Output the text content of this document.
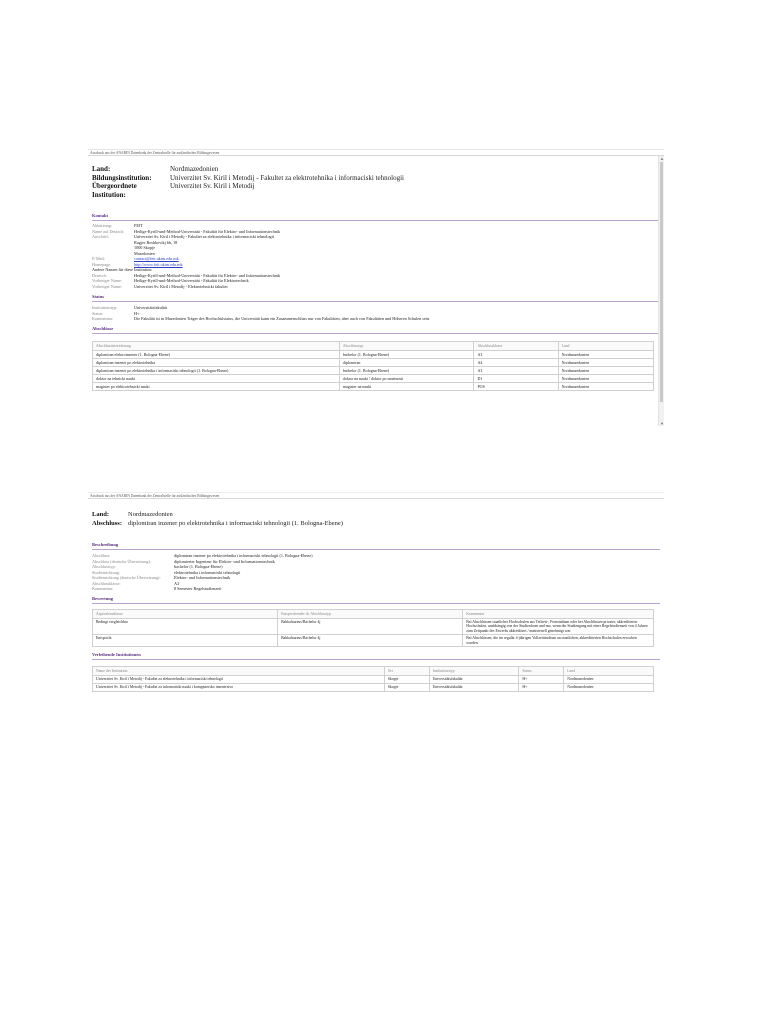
Ausdruck aus der ANABIN Datenbank der Zentralstelle für ausländisches Bildungswesen
▲
▼
Land:	Nordmazedonien
Bildungsinstitution:	Univerzitet Sv. Kiril i Metodij - Fakultet za elektrotehnika i informaciski tehnologii
Übergeordnete Institution:
Univerzitet Sv. Kiril i Metodij
Kontakt
Abkürzung:	FEIT
Name auf Deutsch:	Heilige-Kyrill-und-Method-Universität - Fakultät für Elektro- und Informationstechnik
Anschrift:	Univerzitet Sv. Kiril i Metodij - Fakultet za elektrotehnika i informaciski tehnologii
Rugjer Boshkovikj bb, 18
1000 Skopje
Mazedonien
E-Mail:	contact@feit.ukim.edu.mk
Homepage:	http://www.feit.ukim.edu.mk
Andere Namen für diese Institution:
Deutsch:	Heilige-Kyrill-und-Method-Universität - Fakultät für Elektro- und Informationstechnik
Vorheriger Name:	Heilige-Kyrill-und-Method-Universität - Fakultät für Elektrotechnik
Vorheriger Name:	Univerzitet Sv. Kiril i Metodij - Elektrotehnicki fakultet
Status
Institutionstyp:	Universitätsfakultät
Status:	H+
Kommentar:	Die Fakultät ist in Mazedonien Träger des Hochschulstatus, die Universität kann ein Zusammenschluss nur von Fakultäten, aber auch von Fakultäten und Höheren Schulen sein.
Abschlüsse
Abschlussbezeichnung	Abschlusstyp	Abschlussklasse	Land
diplomiran elektroinzener (1. Bologna-Ebene)	bachelor (1. Bologna-Ebene)	A3	Nordmazedonien
diplomiran inzener po elektrotehnika	diplomiran	A4	Nordmazedonien
diplomiran inzener po elektrotehnika i informaciski tehnologii (1. Bologna-Ebene)	bachelor (1. Bologna-Ebene)	A3	Nordmazedonien
doktor na tehnicki nauki	doktor na nauki / doktor po umetnosti	D1	Nordmazedonien
magister po elektrotehnicki nauki	magister na nauki	POS	Nordmazedonien
Ausdruck aus der ANABIN Datenbank der Zentralstelle für ausländisches Bildungswesen
Land:	Nordmazedonien
Abschluss: diplomiran inzener po elektrotehnika i informaciski tehnologii (1. Bologna-Ebene)
Beschreibung
Abschluss:	diplomiran inzener po elektrotehnika i informaciski tehnologii (1. Bologna-Ebene)
Abschluss (deutsche Übersetzung):	diplomierter Ingenieur für Elektro- und Informationstechnik
Abschlusstyp:	bachelor (1. Bologna-Ebene)
Studienrichtung:	elektrotehnika i informaciski tehnologii
Studienrichtung (deutsche Übersetzung):	Elektro- und Informationstechnik
Abschlussklasse:	A3
Kommentar:	8 Semester Regelstudienzeit
Bewertung
Äquivalenzklasse	Entsprechender dt. Abschlusstyp	Kommentar
Bedingt vergleichbar	Bakkalaureus/Bachelor 4j	Bei Abschlüssen staatlicher Hochschulen aus Teilzeit-, Fernstudium oder bei Abschlüssen privater, akkreditierter Hochschulen, unabhängig von der Studienform und nur, wenn der Studiengang mit einer Regelstudienzeit von 4 Jahren zum Zeitpunkt des Erwerbs akkreditiert / ministeriell genehmigt war.
Entspricht	Bakkalaureus/Bachelor 4j	Bei Abschlüssen, die im regulär 4-jährigen Vollzeitstudium an staatlichen, akkreditierten Hochschulen erworben wurden.
Verleihende Institutionen
Name der Institution	Ort	Institutionstyp	Status	Land
Univerzitet Sv. Kiril i Metodij - Fakultet za elektrotehnika i informaciski tehnologii	Skopje	Universitätsfakultät	H+	Nordmazedonien
Univerzitet Sv. Kiril i Metodij - Fakultet za informaticki nauki i kompjutersko inzenerstvo	Skopje	Universitätsfakultät	H+	Nordmazedonien
